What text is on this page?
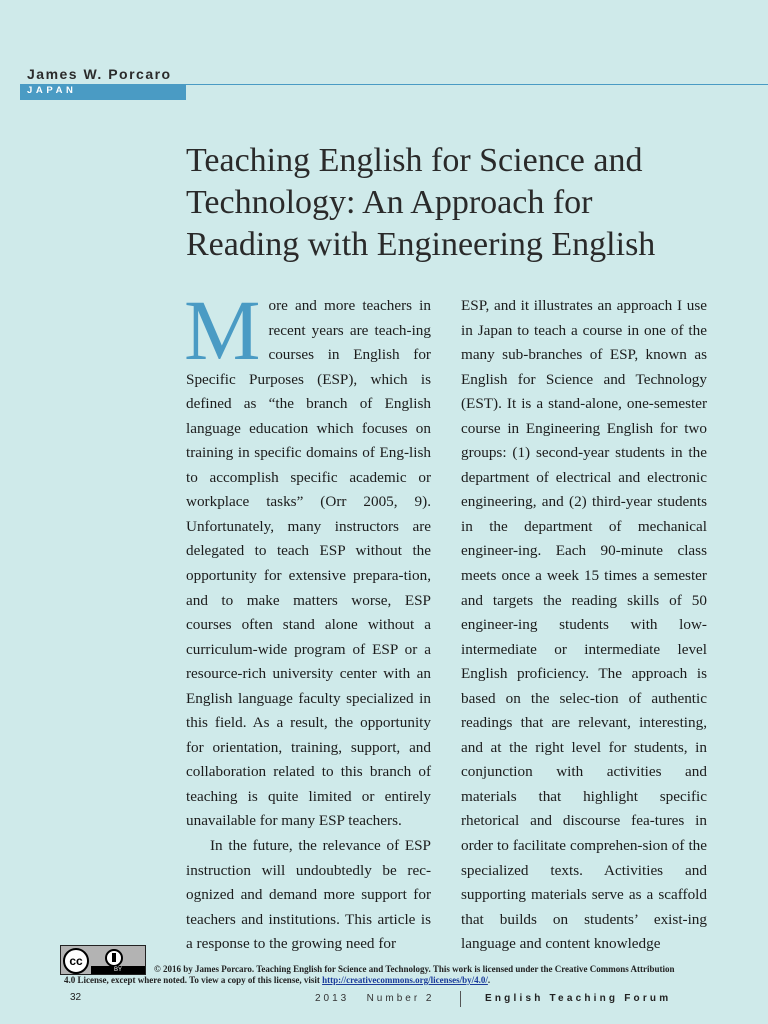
James W. Porcaro
JAPAN
Teaching English for Science and
Technology: An Approach for
Reading with Engineering English
M ore and more teachers in recent years are teach-ing courses in English for Specific Purposes (ESP), which is defined as “the branch of English language education which focuses on training in specific domains of Eng-lish to accomplish specific academic or workplace tasks” (Orr 2005, 9). Unfortunately, many instructors are delegated to teach ESP without the opportunity for extensive prepara-tion, and to make matters worse, ESP courses often stand alone without a curriculum-wide program of ESP or a resource-rich university center with an English language faculty specialized in this field. As a result, the opportunity for orientation, training, support, and collaboration related to this branch of teaching is quite limited or entirely unavailable for many ESP teachers.
In the future, the relevance of ESP instruction will undoubtedly be rec-ognized and demand more support for teachers and institutions. This article is a response to the growing need for
ESP, and it illustrates an approach I use in Japan to teach a course in one of the many sub-branches of ESP, known as English for Science and Technology (EST). It is a stand-alone, one-semester course in Engineering English for two groups: (1) second-year students in the department of electrical and electronic engineering, and (2) third-year students in the department of mechanical engineer-ing. Each 90-minute class meets once a week 15 times a semester and targets the reading skills of 50 engineer-ing students with low-intermediate or intermediate level English proficiency. The approach is based on the selec-tion of authentic readings that are relevant, interesting, and at the right level for students, in conjunction with activities and materials that highlight specific rhetorical and discourse fea-tures in order to facilitate comprehen-sion of the specialized texts. Activities and supporting materials serve as a scaffold that builds on students’ exist-ing language and content knowledge
cc
BY	© 2016 by James Porcaro. Teaching English for Science and Technology. This work is licensed under the Creative Commons Attribution
4.0 License, except where noted. To view a copy of this license, visit http://creativecommons.org/licenses/by/4.0/.
32	2013   Number 2	English Teaching Forum
